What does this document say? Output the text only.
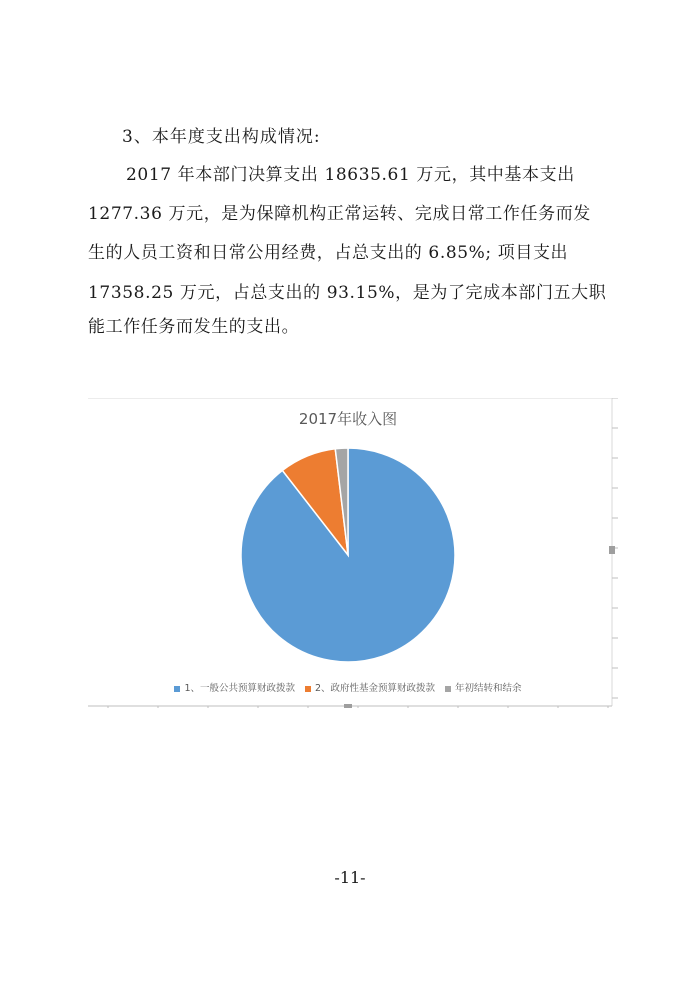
3、本年度支出构成情况:
2017 年本部门决算支出 18635.61 万元，其中基本支出
1277.36 万元，是为保障机构正常运转、完成日常工作任务而发
生的人员工资和日常公用经费，占总支出的 6.85%; 项目支出
17358.25 万元，占总支出的 93.15%，是为了完成本部门五大职
能工作任务而发生的支出。
2017年收入图
1、一般公共预算财政拨款 2、政府性基金预算财政拨款 年初结转和结余
-11-
